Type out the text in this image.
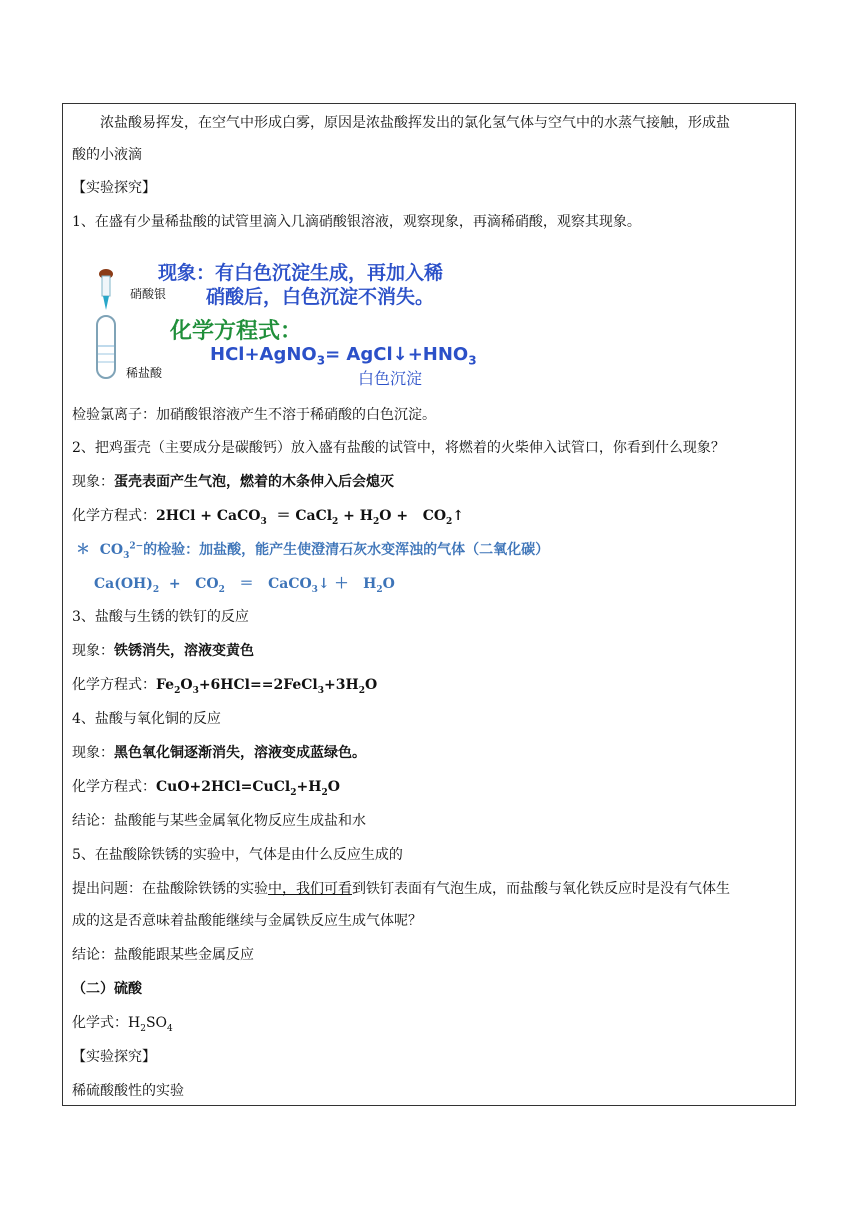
浓盐酸易挥发，在空气中形成白雾，原因是浓盐酸挥发出的氯化氢气体与空气中的水蒸气接触，形成盐
酸的小液滴
【实验探究】
1、在盛有少量稀盐酸的试管里滴入几滴硝酸银溶液，观察现象，再滴稀硝酸，观察其现象。
硝酸银
稀盐酸
现象：有白色沉淀生成，再加入稀
硝酸后，白色沉淀不消失。
化学方程式：
HCl+AgNO$_3$= $AgCl↓+HNO_3$
白色沉淀
检验氯离子：加硝酸银溶液产生不溶于稀硝酸的白色沉淀。
2、把鸡蛋壳（主要成分是碳酸钙）放入盛有盐酸的试管中，将燃着的火柴伸入试管口，你看到什么现象？
现象：蛋壳表面产生气泡，燃着的木条伸入后会熄灭
化学方程式：2HCl + CaCO$_3$  ＝ CaCl$_2$ + $H_2O$ +   $CO_2↑$
＊  $CO_3^{2-}$的检验：加盐酸，能产生使澄清石灰水变浑浊的气体（二氧化碳）
$Ca(OH)_2 + CO_2$   ＝   CaCO$_3$↓ ＋   $H_2O$
3、盐酸与生锈的铁钉的反应
现象：铁锈消失，溶液变黄色
化学方程式：$Fe_2O_3+6HCl==2FeCl_3+3H_2O$
4、盐酸与氧化铜的反应
现象：黑色氧化铜逐渐消失，溶液变成蓝绿色。
化学方程式：$CuO+2HCl=CuCl_2+H_2O$
结论：盐酸能与某些金属氧化物反应生成盐和水
5、在盐酸除铁锈的实验中，气体是由什么反应生成的
提出问题：在盐酸除铁锈的实验中，我们可看到铁钉表面有气泡生成，而盐酸与氧化铁反应时是没有气体生
成的这是否意味着盐酸能继续与金属铁反应生成气体呢？
结论：盐酸能跟某些金属反应
（二）硫酸
化学式：$H_2SO_4$
【实验探究】
稀硫酸酸性的实验
